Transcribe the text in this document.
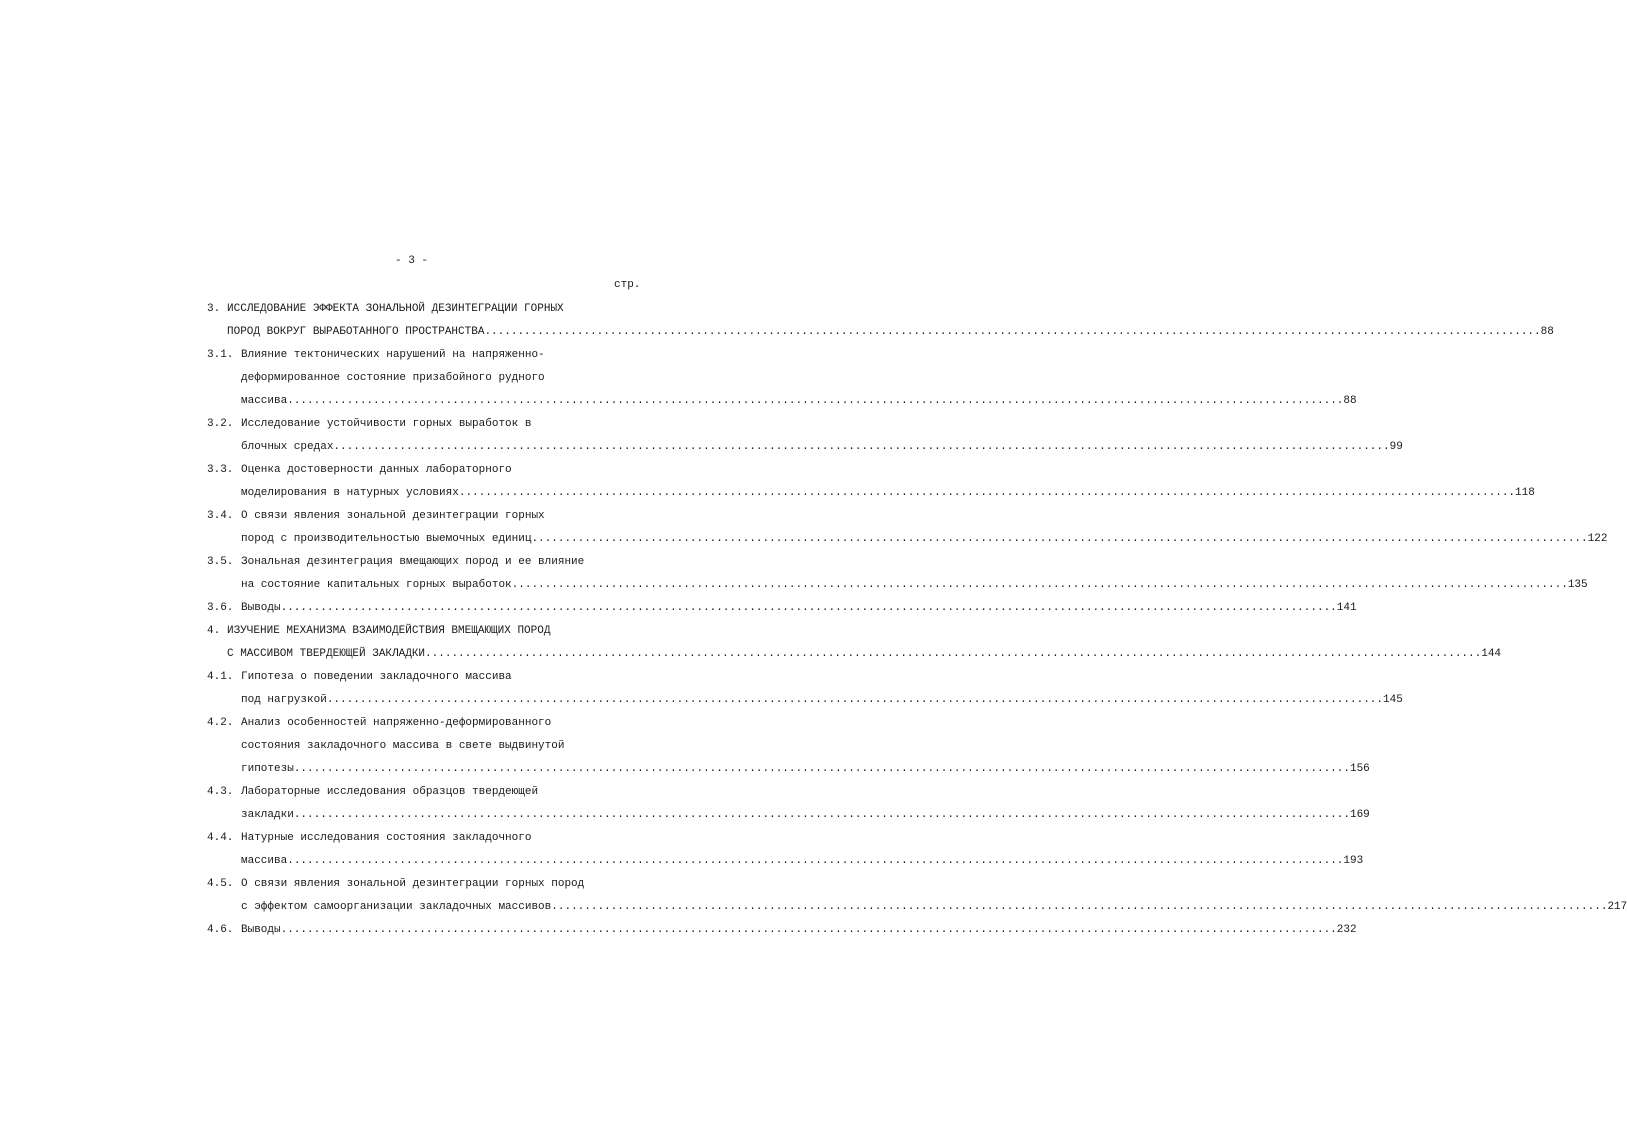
- 3 -
стр.
3. ИССЛЕДОВАНИЕ ЭФФЕКТА ЗОНАЛЬНОЙ ДЕЗИНТЕГРАЦИИ ГОРНЫХ
ПОРОД ВОКРУГ ВЫРАБОТАННОГО ПРОСТРАНСТВА .....	88
3.1. Влияние тектонических нарушений на напряженно-
деформированное состояние призабойного рудного
массива .....	88
3.2. Исследование устойчивости горных выработок в
блочных средах .....	99
3.3. Оценка достоверности данных лабораторного
моделирования в натурных условиях .....	118
3.4. О связи явления зональной дезинтеграции горных
пород с производительностью выемочных единиц .....	122
3.5. Зональная дезинтеграция вмещающих пород и ее влияние
на состояние капитальных горных выработок .....	135
3.6. Выводы .....	141
4. ИЗУЧЕНИЕ МЕХАНИЗМА ВЗАИМОДЕЙСТВИЯ ВМЕЩАЮЩИХ ПОРОД
С МАССИВОМ ТВЕРДЕЮЩЕЙ ЗАКЛАДКИ .....	144
4.1. Гипотеза о поведении закладочного массива
под нагрузкой .....	145
4.2. Анализ особенностей напряженно-деформированного
состояния закладочного массива в свете выдвинутой
гипотезы .....	156
4.3. Лабораторные исследования образцов твердеющей
закладки .....	169
4.4. Натурные исследования состояния закладочного
массива .....	193
4.5. О связи явления зональной дезинтеграции горных пород
с эффектом самоорганизации закладочных массивов .....	217
4.6. Выводы .....	232
